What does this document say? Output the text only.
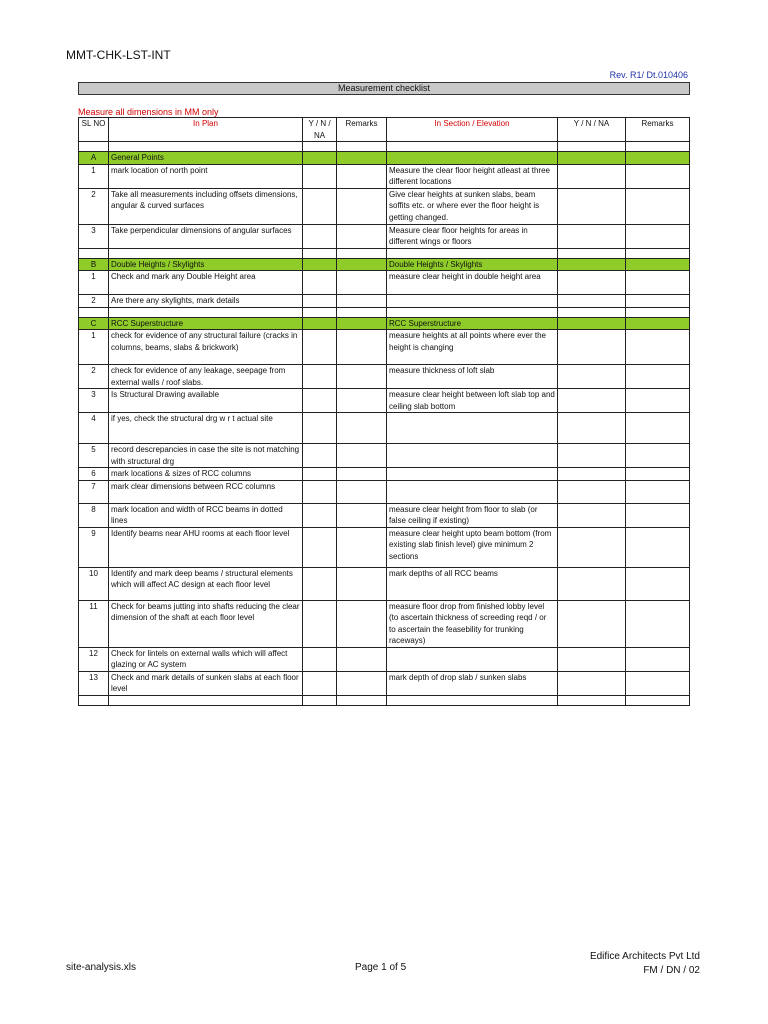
MMT-CHK-LST-INT
Rev. R1/ Dt.010406
Measurement checklist
Measure all dimensions in MM only
SL NO	In Plan	Y / N / NA	Remarks	In Section / Elevation	Y / N / NA	Remarks

A	General Points					
1	mark location of north point			Measure the clear floor height atleast at three different locations		
2	Take all measurements including offsets dimensions, angular & curved surfaces			Give clear heights at sunken slabs, beam soffits etc. or where ever the floor height is getting changed.		
3	Take perpendicular dimensions of angular surfaces			Measure clear floor heights for areas in different wings or floors		

B	Double Heights / Skylights			Double Heights / Skylights		
1	Check and mark any Double Height area			measure clear height in double height area		
2	Are there any skylights, mark details					

C	RCC Superstructure			RCC Superstructure		
1	check for evidence of any structural failure (cracks in columns, beams, slabs & brickwork)			measure heights at all points where ever the height is changing		
2	check for evidence of any leakage, seepage from external walls / roof slabs.			measure thickness of loft slab		
3	Is Structural Drawing available			measure clear height between loft slab top and ceiling slab bottom		
4	if yes, check the structural drg w r t actual site					
5	record descrepancies in case the site is not matching with structural drg					
6	mark locations & sizes of RCC columns					
7	mark clear dimensions between RCC columns					
8	mark location and width of RCC beams in dotted lines			measure clear height from floor to slab (or false ceiling if existing)		
9	Identify beams near AHU rooms at each floor level			measure clear height upto beam bottom (from existing slab finish level) give minimum 2 sections		
10	Identify and mark deep beams / structural elements which will affect AC design at each floor level			mark depths of all RCC beams		
11	Check for beams jutting into shafts reducing the clear dimension of the shaft at each floor level			measure floor drop from finished lobby level (to ascertain thickness of screeding reqd / or to ascertain the feasebility for trunking raceways)		
12	Check for lintels on external walls which will affect glazing or AC system					
13	Check and mark details of sunken slabs at each floor level			mark depth of drop slab / sunken slabs		

site-analysis.xls	Page 1 of 5
Edifice Architects Pvt Ltd
FM / DN / 02
